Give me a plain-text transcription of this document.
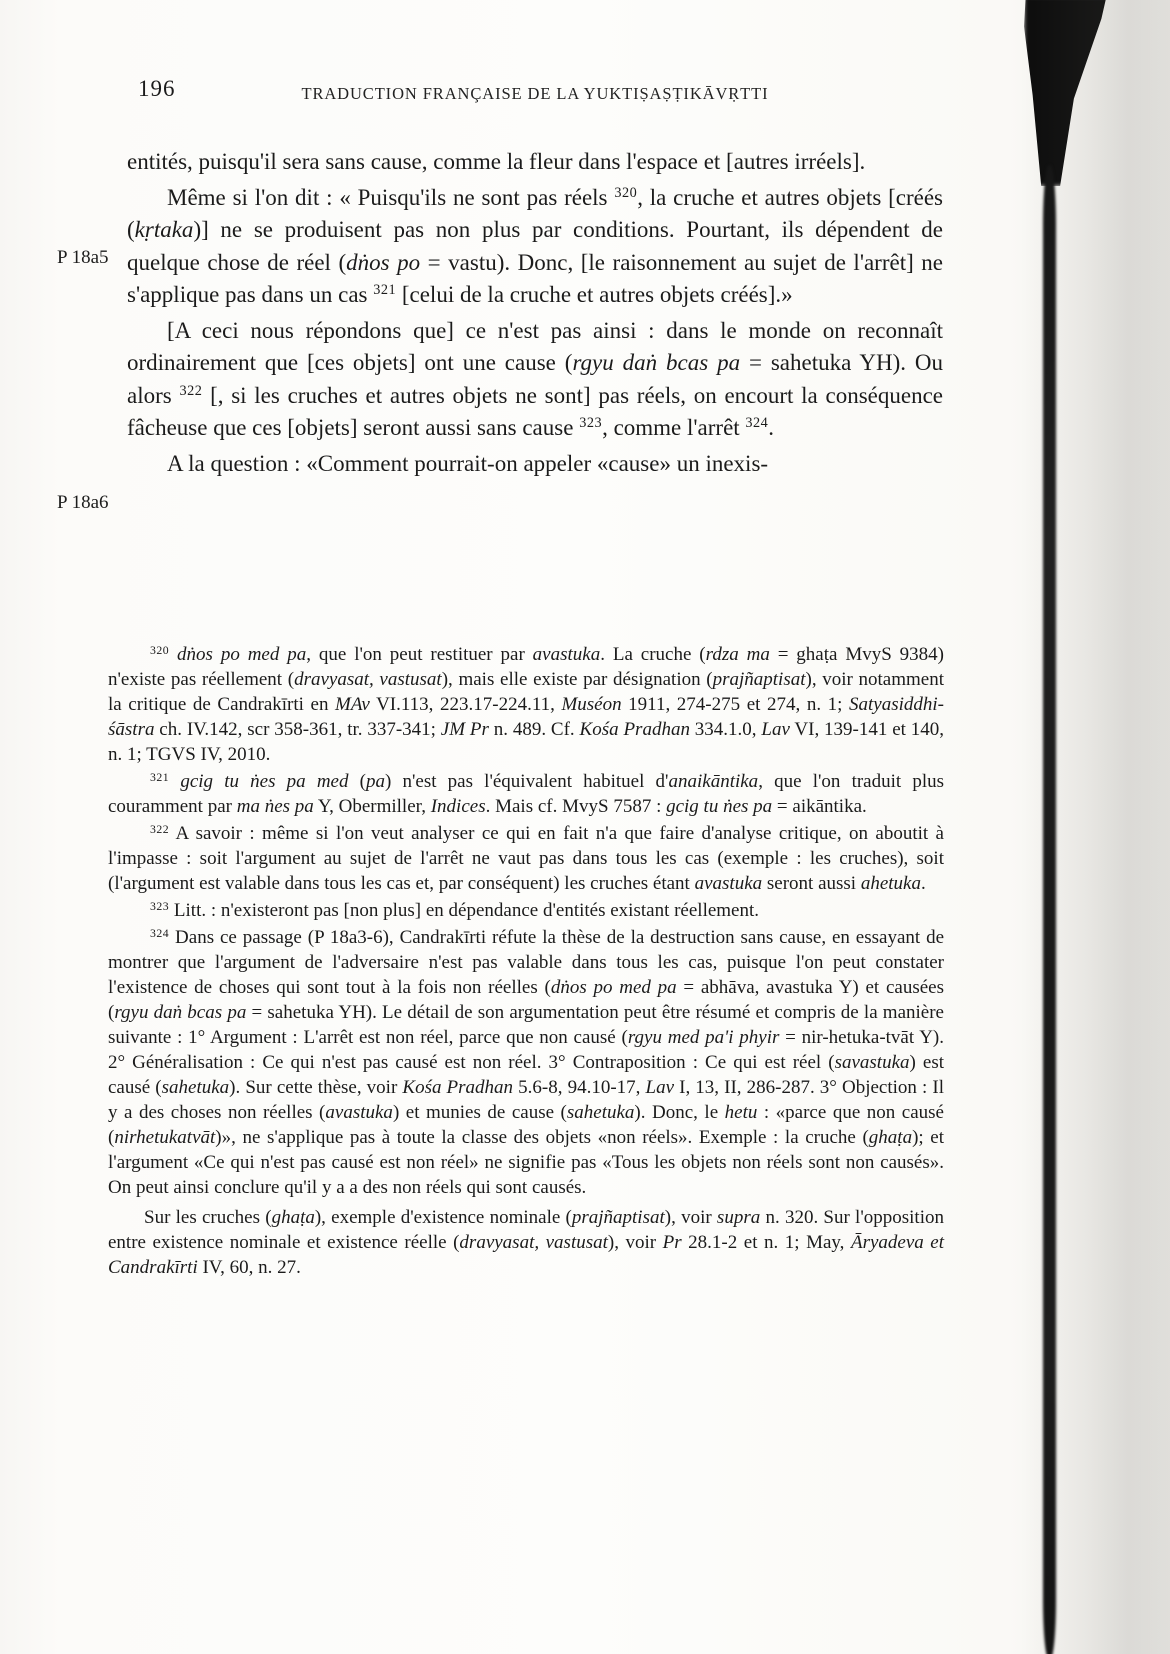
196	TRADUCTION FRANÇAISE DE LA YUKTIṢAṢṬIKĀVṚTTI
P 18a5
P 18a6

entités, puisqu'il sera sans cause, comme la fleur dans l'espace et [autres irréels].

Même si l'on dit : « Puisqu'ils ne sont pas réels $^{320}$, la cruche et autres objets [créés (kṛtaka)] ne se produisent pas non plus par conditions. Pourtant, ils dépendent de quelque chose de réel (dṅos po = vastu). Donc, [le raisonnement au sujet de l'arrêt] ne s'applique pas dans un cas $^{321}$ [celui de la cruche et autres objets créés].»

[A ceci nous répondons que] ce n'est pas ainsi : dans le monde on reconnaît ordinairement que [ces objets] ont une cause (rgyu daṅ bcas pa = sahetuka YH). Ou alors $^{322}$ [, si les cruches et autres objets ne sont] pas réels, on encourt la conséquence fâcheuse que ces [objets] seront aussi sans cause $^{323}$, comme l'arrêt $^{324}$.

A la question : «Comment pourrait-on appeler «cause» un inexis-

$^{320}$ dṅos po med pa, que l'on peut restituer par avastuka. La cruche (rdza ma = ghaṭa MvyS 9384) n'existe pas réellement (dravyasat, vastusat), mais elle existe par désignation (prajñaptisat), voir notamment la critique de Candrakīrti en MAv VI.113, 223.17-224.11, Muséon 1911, 274-275 et 274, n. 1; Satyasiddhi-śāstra ch. IV.142, scr 358-361, tr. 337-341; JM Pr n. 489. Cf. Kośa Pradhan 334.1.0, Lav VI, 139-141 et 140, n. 1; TGVS IV, 2010.

$^{321}$ gcig tu ṅes pa med (pa) n'est pas l'équivalent habituel d'anaikāntika, que l'on traduit plus couramment par ma ṅes pa Y, Obermiller, Indices. Mais cf. MvyS 7587 : gcig tu ṅes pa = aikāntika.

$^{322}$ A savoir : même si l'on veut analyser ce qui en fait n'a que faire d'analyse critique, on aboutit à l'impasse : soit l'argument au sujet de l'arrêt ne vaut pas dans tous les cas (exemple : les cruches), soit (l'argument est valable dans tous les cas et, par conséquent) les cruches étant avastuka seront aussi ahetuka.

$^{323}$ Litt. : n'existeront pas [non plus] en dépendance d'entités existant réellement.

$^{324}$ Dans ce passage (P 18a3-6), Candrakīrti réfute la thèse de la destruction sans cause, en essayant de montrer que l'argument de l'adversaire n'est pas valable dans tous les cas, puisque l'on peut constater l'existence de choses qui sont tout à la fois non réelles (dṅos po med pa = abhāva, avastuka Y) et causées (rgyu daṅ bcas pa = sahetuka YH). Le détail de son argumentation peut être résumé et compris de la manière suivante : 1° Argument : L'arrêt est non réel, parce que non causé (rgyu med pa'i phyir = nir-hetuka-tvāt Y). 2° Généralisation : Ce qui n'est pas causé est non réel. 3° Contraposition : Ce qui est réel (savastuka) est causé (sahetuka). Sur cette thèse, voir Kośa Pradhan 5.6-8, 94.10-17, Lav I, 13, II, 286-287. 3° Objection : Il y a des choses non réelles (avastuka) et munies de cause (sahetuka). Donc, le hetu : «parce que non causé (nirhetukatvāt)», ne s'applique pas à toute la classe des objets «non réels». Exemple : la cruche (ghaṭa); et l'argument «Ce qui n'est pas causé est non réel» ne signifie pas «Tous les objets non réels sont non causés». On peut ainsi conclure qu'il y a a des non réels qui sont causés.

Sur les cruches (ghaṭa), exemple d'existence nominale (prajñaptisat), voir supra n. 320. Sur l'opposition entre existence nominale et existence réelle (dravyasat, vastusat), voir Pr 28.1-2 et n. 1; May, Āryadeva et Candrakīrti IV, 60, n. 27.
